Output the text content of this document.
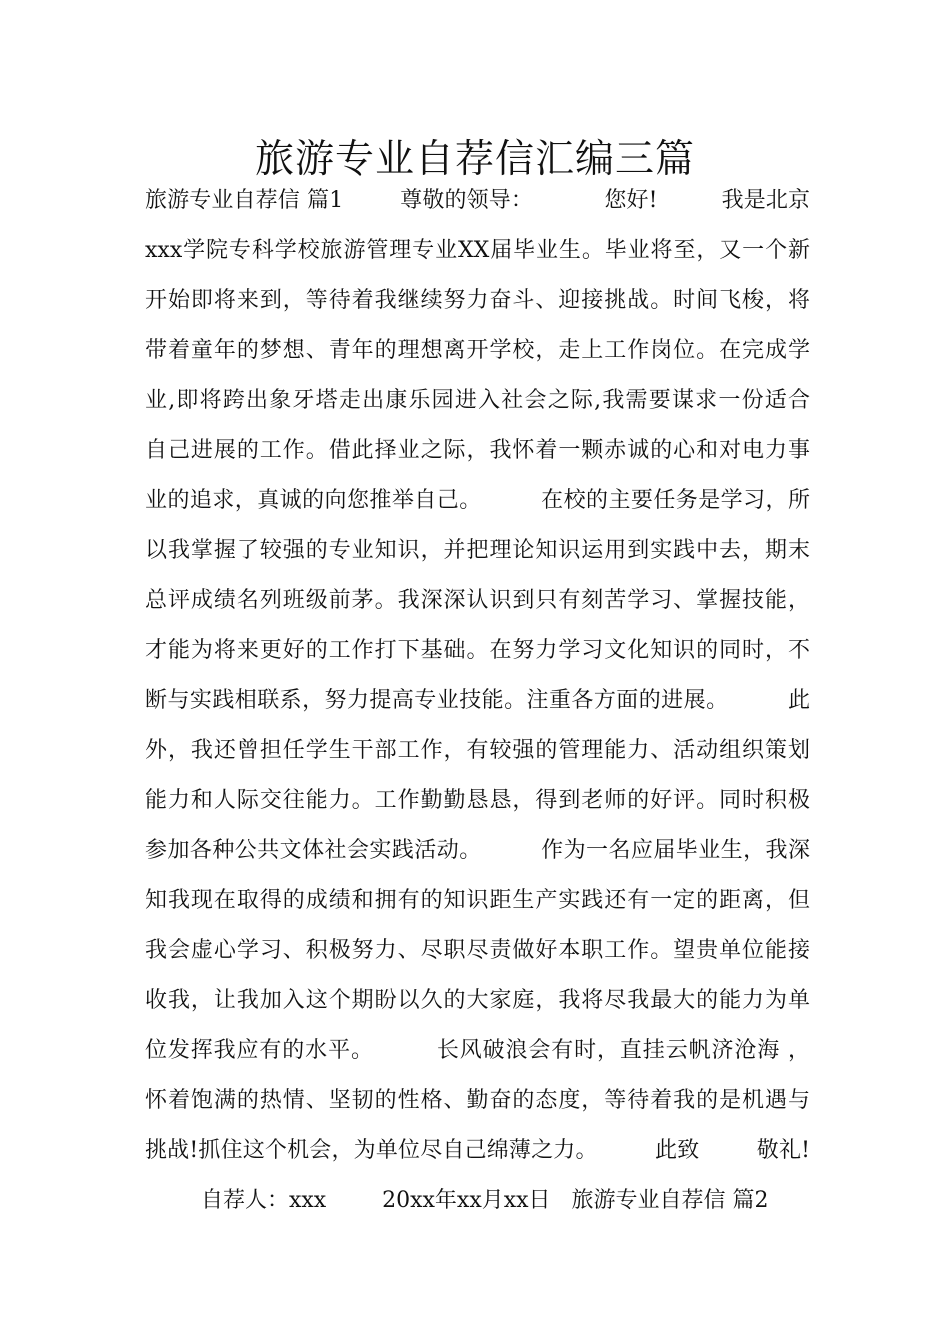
旅游专业自荐信汇编三篇
旅游专业自荐信 篇1        尊敬的领导：          您好!         我是北京
xxx学院专科学校旅游管理专业XX届毕业生。毕业将至，又一个新
开始即将来到，等待着我继续努力奋斗、迎接挑战。时间飞梭，将
带着童年的梦想、青年的理想离开学校，走上工作岗位。在完成学
业,即将跨出象牙塔走出康乐园进入社会之际,我需要谋求一份适合
自己进展的工作。借此择业之际，我怀着一颗赤诚的心和对电力事
业的追求，真诚的向您推举自己。        在校的主要任务是学习，所
以我掌握了较强的专业知识，并把理论知识运用到实践中去，期末
总评成绩名列班级前茅。我深深认识到只有刻苦学习、掌握技能，
才能为将来更好的工作打下基础。在努力学习文化知识的同时，不
断与实践相联系，努力提高专业技能。注重各方面的进展。        此
外，我还曾担任学生干部工作，有较强的管理能力、活动组织策划
能力和人际交往能力。工作勤勤恳恳，得到老师的好评。同时积极
参加各种公共文体社会实践活动。        作为一名应届毕业生，我深
知我现在取得的成绩和拥有的知识距生产实践还有一定的距离，但
我会虚心学习、积极努力、尽职尽责做好本职工作。望贵单位能接
收我，让我加入这个期盼以久的大家庭，我将尽我最大的能力为单
位发挥我应有的水平。        长风破浪会有时，直挂云帆济沧海 ，
怀着饱满的热情、坚韧的性格、勤奋的态度，等待着我的是机遇与
挑战!抓住这个机会，为单位尽自己绵薄之力。        此致        敬礼!
自荐人：xxx        20xx年xx月xx日   旅游专业自荐信 篇2
